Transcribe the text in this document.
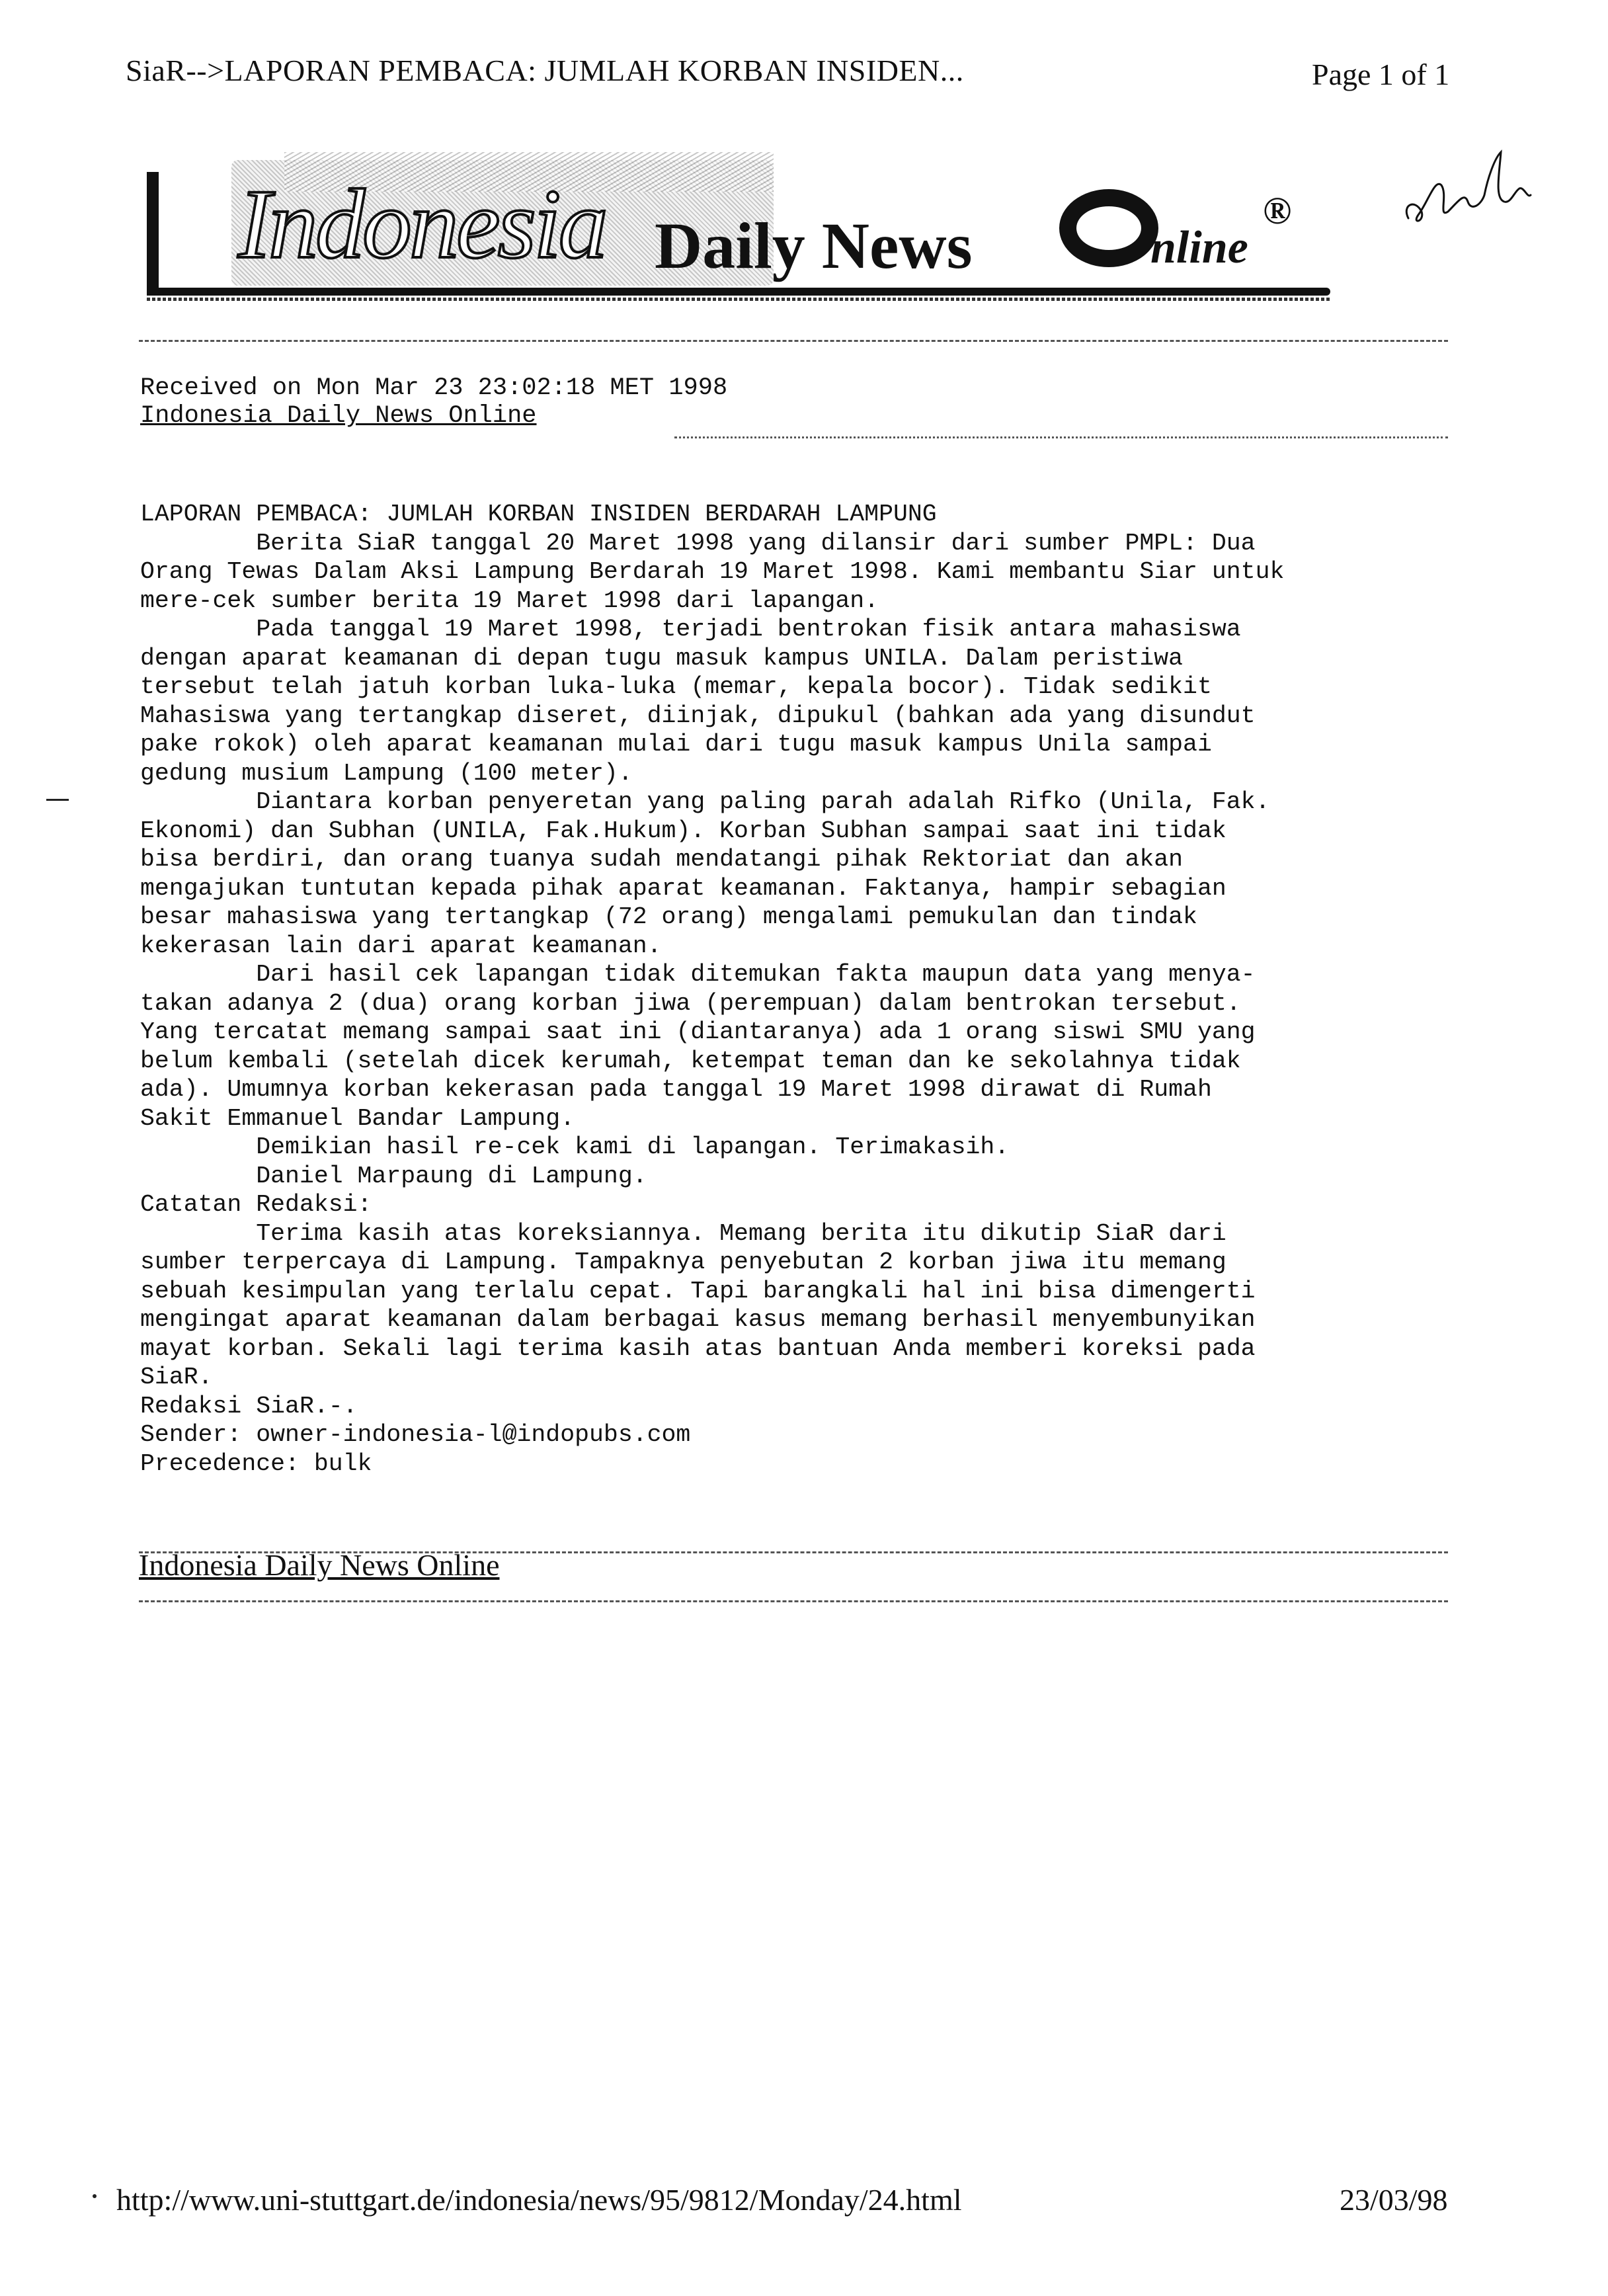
SiaR-->LAPORAN PEMBACA: JUMLAH KORBAN INSIDEN...	Page 1 of 1
Indonesia Daily News	nline
®
Received on Mon Mar 23 23:02:18 MET 1998
Indonesia Daily News Online
LAPORAN PEMBACA: JUMLAH KORBAN INSIDEN BERDARAH LAMPUNG
Berita SiaR tanggal 20 Maret 1998 yang dilansir dari sumber PMPL: Dua
Orang Tewas Dalam Aksi Lampung Berdarah 19 Maret 1998. Kami membantu Siar untuk
mere-cek sumber berita 19 Maret 1998 dari lapangan.
Pada tanggal 19 Maret 1998, terjadi bentrokan fisik antara mahasiswa
dengan aparat keamanan di depan tugu masuk kampus UNILA. Dalam peristiwa
tersebut telah jatuh korban luka-luka (memar, kepala bocor). Tidak sedikit
Mahasiswa yang tertangkap diseret, diinjak, dipukul (bahkan ada yang disundut
pake rokok) oleh aparat keamanan mulai dari tugu masuk kampus Unila sampai
gedung musium Lampung (100 meter).
Diantara korban penyeretan yang paling parah adalah Rifko (Unila, Fak.
Ekonomi) dan Subhan (UNILA, Fak.Hukum). Korban Subhan sampai saat ini tidak
bisa berdiri, dan orang tuanya sudah mendatangi pihak Rektoriat dan akan
mengajukan tuntutan kepada pihak aparat keamanan. Faktanya, hampir sebagian
besar mahasiswa yang tertangkap (72 orang) mengalami pemukulan dan tindak
kekerasan lain dari aparat keamanan.
Dari hasil cek lapangan tidak ditemukan fakta maupun data yang menya-
takan adanya 2 (dua) orang korban jiwa (perempuan) dalam bentrokan tersebut.
Yang tercatat memang sampai saat ini (diantaranya) ada 1 orang siswi SMU yang
belum kembali (setelah dicek kerumah, ketempat teman dan ke sekolahnya tidak
ada). Umumnya korban kekerasan pada tanggal 19 Maret 1998 dirawat di Rumah
Sakit Emmanuel Bandar Lampung.
Demikian hasil re-cek kami di lapangan. Terimakasih.
Daniel Marpaung di Lampung.
Catatan Redaksi:
Terima kasih atas koreksiannya. Memang berita itu dikutip SiaR dari
sumber terpercaya di Lampung. Tampaknya penyebutan 2 korban jiwa itu memang
sebuah kesimpulan yang terlalu cepat. Tapi barangkali hal ini bisa dimengerti
mengingat aparat keamanan dalam berbagai kasus memang berhasil menyembunyikan
mayat korban. Sekali lagi terima kasih atas bantuan Anda memberi koreksi pada
SiaR.
Redaksi SiaR.-.
Sender: owner-indonesia-l@indopubs.com
Precedence: bulk
Indonesia Daily News Online
http://www.uni-stuttgart.de/indonesia/news/95/9812/Monday/24.html	23/03/98
